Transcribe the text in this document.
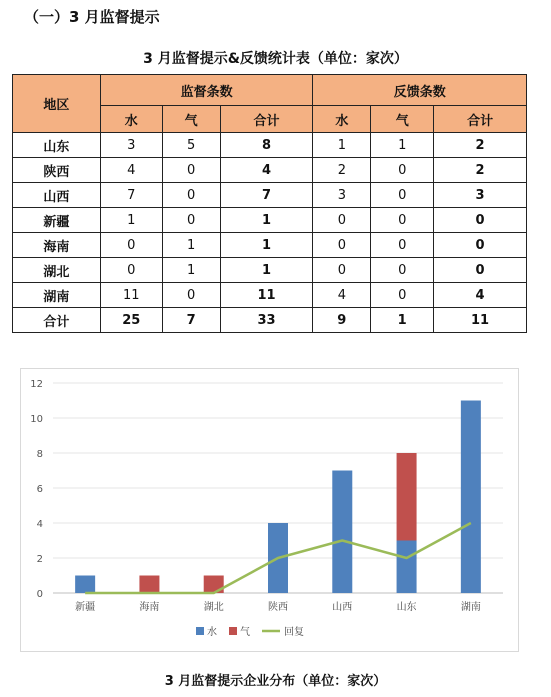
（一）3 月监督提示
3 月监督提示&反馈统计表（单位：家次）
地区	监督条数			反馈条数		
	水	气	合计	水	气	合计
山东	3	5	8	1	1	2
陕西	4	0	4	2	0	2
山西	7	0	7	3	0	3
新疆	1	0	1	0	0	0
海南	0	1	1	0	0	0
湖北	0	1	1	0	0	0
湖南	11	0	11	4	0	4
合计	25	7	33	9	1	11
0
2
4
6
8
10
12
新疆	海南	湖北	陕西	山西	山东	湖南
水 气	回复
3 月监督提示企业分布（单位：家次）
